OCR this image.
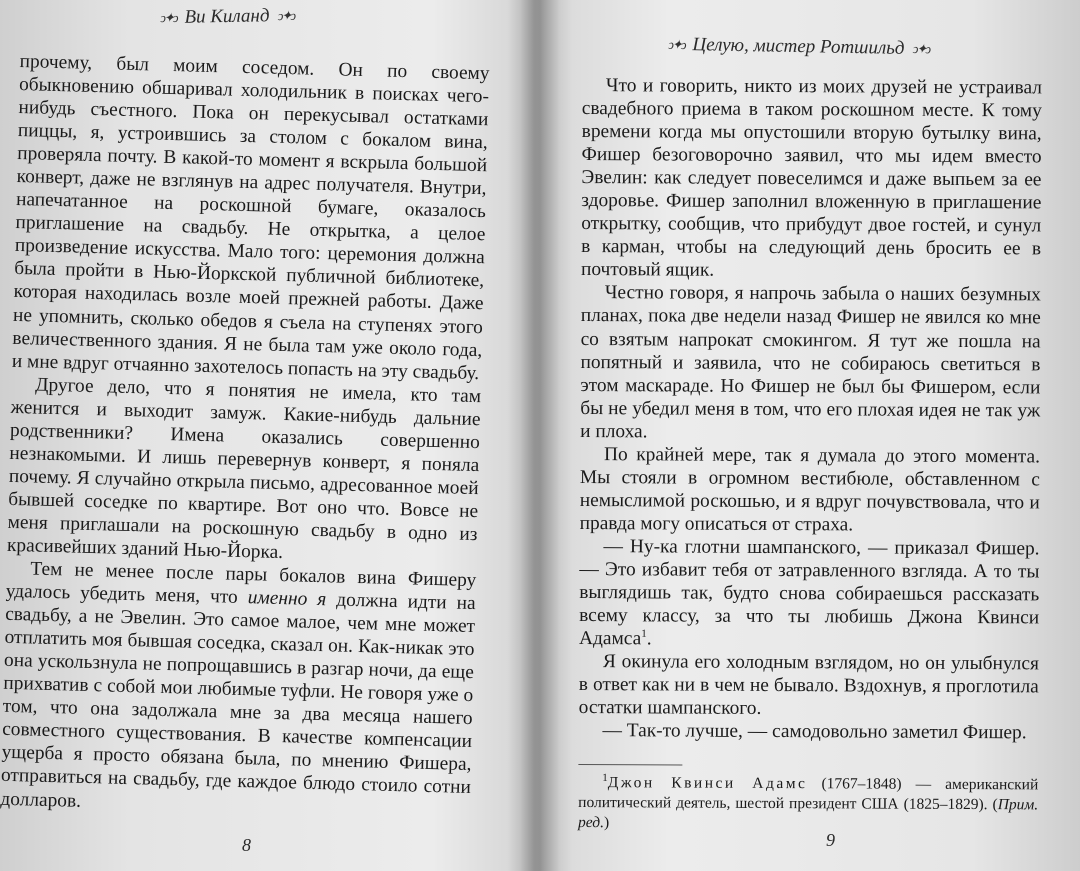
ↄ✦ↄ Ви Киланд ↄ✦ↄ

прочему, был моим соседом. Он по своему обыкновению обшаривал холодильник в поисках чего-нибудь съестного. Пока он перекусывал остатками пиццы, я, устроившись за столом с бокалом вина, проверяла почту. В какой-то момент я вскрыла большой конверт, даже не взглянув на адрес получателя. Внутри, напечатанное на роскошной бумаге, оказалось приглашение на свадьбу. Не открытка, а целое произведение искусства. Мало того: церемония должна была пройти в Нью-Йоркской публичной библиотеке, которая находилась возле моей прежней работы. Даже не упомнить, сколько обедов я съела на ступенях этого величественного здания. Я не была там уже около года, и мне вдруг отчаянно захотелось попасть на эту свадьбу.

Другое дело, что я понятия не имела, кто там женится и выходит замуж. Какие-нибудь дальние родственники? Имена оказались совершенно незнакомыми. И лишь перевернув конверт, я поняла почему. Я случайно открыла письмо, адресованное моей бывшей соседке по квартире. Вот оно что. Вовсе не меня приглашали на роскошную свадьбу в одно из красивейших зданий Нью-Йорка.

Тем не менее после пары бокалов вина Фишеру удалось убедить меня, что именно я должна идти на свадьбу, а не Эвелин. Это самое малое, чем мне может отплатить моя бывшая соседка, сказал он. Как-никак это она ускользнула не попрощавшись в разгар ночи, да еще прихватив с собой мои любимые туфли. Не говоря уже о том, что она задолжала мне за два месяца нашего совместного существования. В качестве компенсации ущерба я просто обязана была, по мнению Фишера, отправиться на свадьбу, где каждое блюдо стоило сотни долларов.

8
ↄ✦ↄ Целую, мистер Ротшильд ↄ✦ↄ

Что и говорить, никто из моих друзей не устраивал свадебного приема в таком роскошном месте. К тому времени когда мы опустошили вторую бутылку вина, Фишер безоговорочно заявил, что мы идем вместо Эвелин: как следует повеселимся и даже выпьем за ее здоровье. Фишер заполнил вложенную в приглашение открытку, сообщив, что прибудут двое гостей, и сунул в карман, чтобы на следующий день бросить ее в почтовый ящик.

Честно говоря, я напрочь забыла о наших безумных планах, пока две недели назад Фишер не явился ко мне со взятым напрокат смокингом. Я тут же пошла на попятный и заявила, что не собираюсь светиться в этом маскараде. Но Фишер не был бы Фишером, если бы не убедил меня в том, что его плохая идея не так уж и плоха.

По крайней мере, так я думала до этого момента. Мы стояли в огромном вестибюле, обставленном с немыслимой роскошью, и я вдруг почувствовала, что и правда могу описаться от страха.

— Ну-ка глотни шампанского, — приказал Фишер. — Это избавит тебя от затравленного взгляда. А то ты выглядишь так, будто снова собираешься рассказать всему классу, за что ты любишь Джона Квинси Адамса$^1$.

Я окинула его холодным взглядом, но он улыбнулся в ответ как ни в чем не бывало. Вздохнув, я проглотила остатки шампанского.

— Так-то лучше, — самодовольно заметил Фишер.

$^1$Джон Квинси Адамс (1767–1848) — американский политический деятель, шестой президент США (1825–1829). (Прим. ред.)
9
